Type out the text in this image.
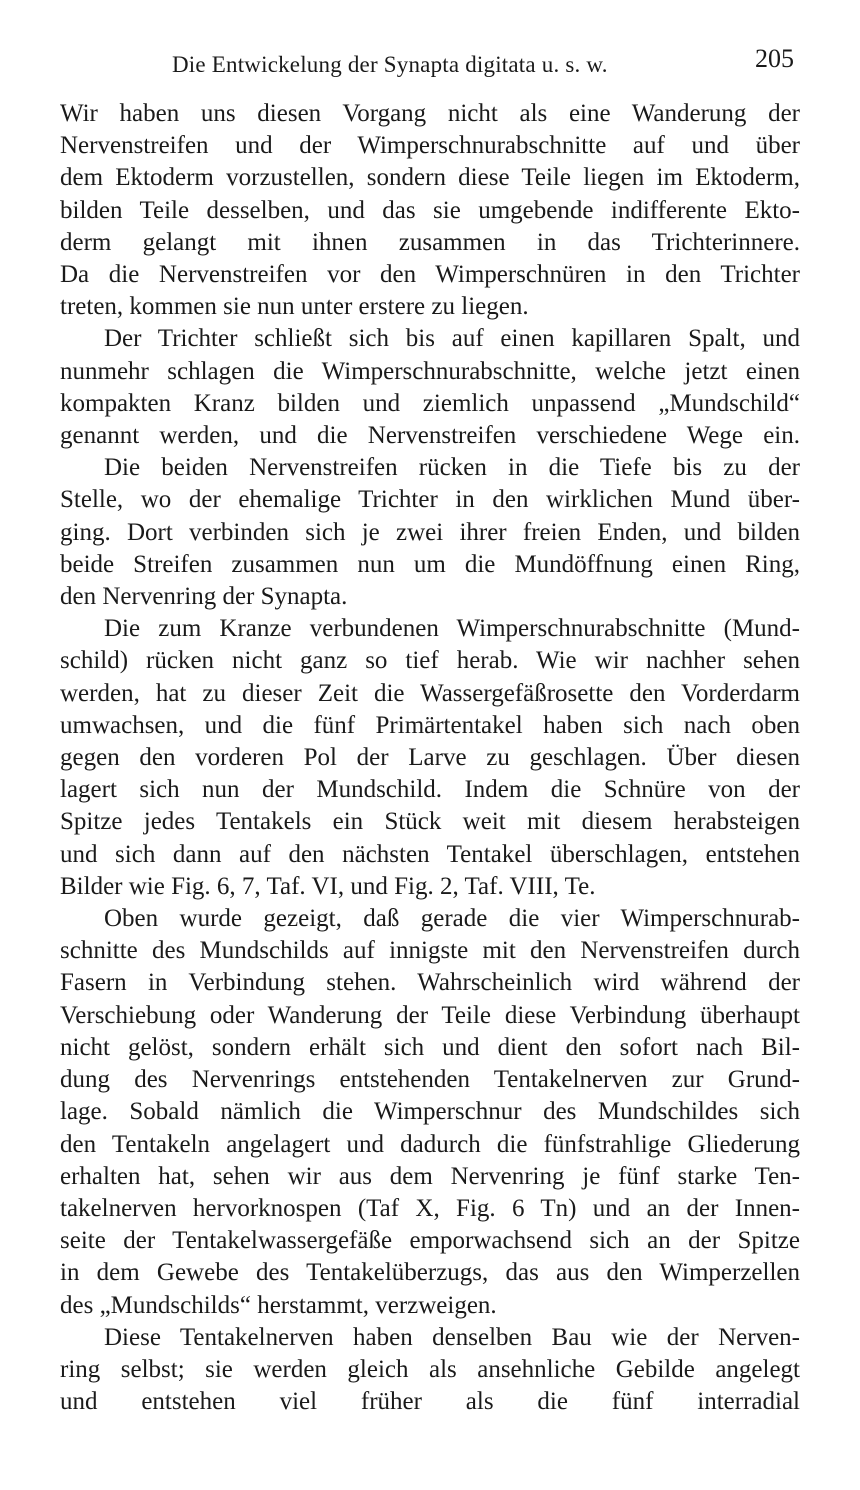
Die Entwickelung der Synapta digitata u. s. w.	205
Wir haben uns diesen Vorgang nicht als eine Wanderung der
Nervenstreifen und der Wimperschnurabschnitte auf und über
dem Ektoderm vorzustellen, sondern diese Teile liegen im Ektoderm,
bilden Teile desselben, und das sie umgebende indifferente Ekto-
derm gelangt mit ihnen zusammen in das Trichterinnere.
Da die Nervenstreifen vor den Wimperschnüren in den Trichter
treten, kommen sie nun unter erstere zu liegen.
Der Trichter schließt sich bis auf einen kapillaren Spalt, und
nunmehr schlagen die Wimperschnurabschnitte, welche jetzt einen
kompakten Kranz bilden und ziemlich unpassend „Mundschild“
genannt werden, und die Nervenstreifen verschiedene Wege ein.
Die beiden Nervenstreifen rücken in die Tiefe bis zu der
Stelle, wo der ehemalige Trichter in den wirklichen Mund über-
ging. Dort verbinden sich je zwei ihrer freien Enden, und bilden
beide Streifen zusammen nun um die Mundöffnung einen Ring,
den Nervenring der Synapta.
Die zum Kranze verbundenen Wimperschnurabschnitte (Mund-
schild) rücken nicht ganz so tief herab. Wie wir nachher sehen
werden, hat zu dieser Zeit die Wassergefäßrosette den Vorderdarm
umwachsen, und die fünf Primärtentakel haben sich nach oben
gegen den vorderen Pol der Larve zu geschlagen. Über diesen
lagert sich nun der Mundschild. Indem die Schnüre von der
Spitze jedes Tentakels ein Stück weit mit diesem herabsteigen
und sich dann auf den nächsten Tentakel überschlagen, entstehen
Bilder wie Fig. 6, 7, Taf. VI, und Fig. 2, Taf. VIII, Te.
Oben wurde gezeigt, daß gerade die vier Wimperschnurab-
schnitte des Mundschilds auf innigste mit den Nervenstreifen durch
Fasern in Verbindung stehen. Wahrscheinlich wird während der
Verschiebung oder Wanderung der Teile diese Verbindung überhaupt
nicht gelöst, sondern erhält sich und dient den sofort nach Bil-
dung des Nervenrings entstehenden Tentakelnerven zur Grund-
lage. Sobald nämlich die Wimperschnur des Mundschildes sich
den Tentakeln angelagert und dadurch die fünfstrahlige Gliederung
erhalten hat, sehen wir aus dem Nervenring je fünf starke Ten-
takelnerven hervorknospen (Taf X, Fig. 6 Tn) und an der Innen-
seite der Tentakelwassergefäße emporwachsend sich an der Spitze
in dem Gewebe des Tentakelüberzugs, das aus den Wimperzellen
des „Mundschilds“ herstammt, verzweigen.
Diese Tentakelnerven haben denselben Bau wie der Nerven-
ring selbst; sie werden gleich als ansehnliche Gebilde angelegt
und entstehen viel früher als die fünf interradial
